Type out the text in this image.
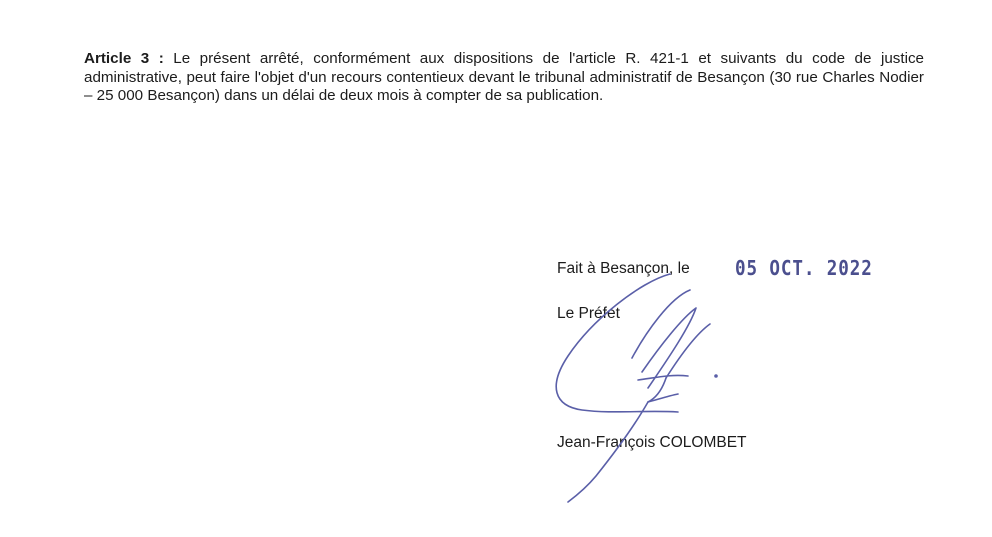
Article 3 : Le présent arrêté, conformément aux dispositions de l'article R. 421-1 et suivants du code de justice administrative, peut faire l'objet d'un recours contentieux devant le tribunal administratif de Besançon (30 rue Charles Nodier – 25 000 Besançon) dans un délai de deux mois à compter de sa publication.

Fait à Besançon, le 05 OCT. 2022
Le Préfet
Jean-François COLOMBET
